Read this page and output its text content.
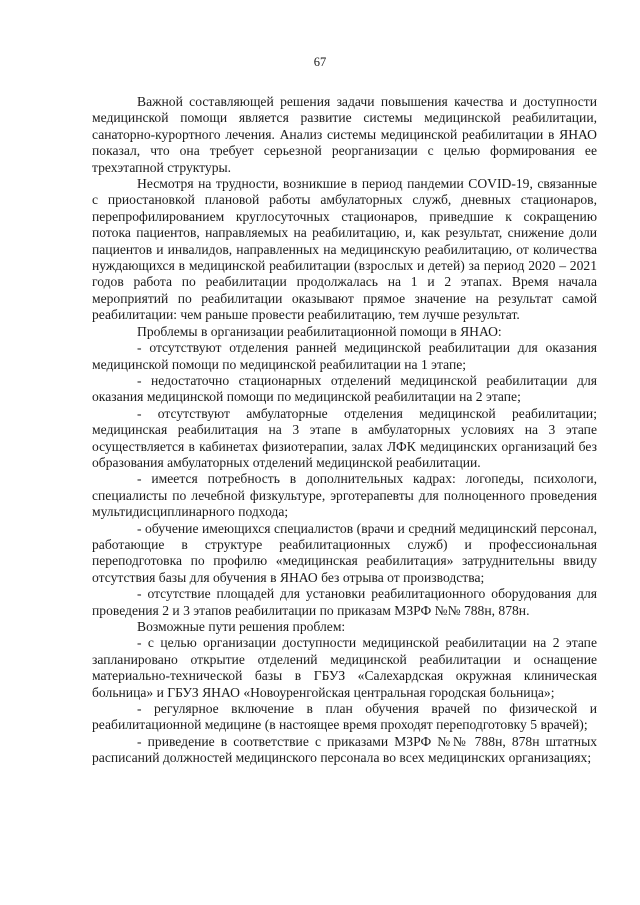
67

Важной составляющей решения задачи повышения качества и доступности медицинской помощи является развитие системы медицинской реабилитации, санаторно-курортного лечения. Анализ системы медицинской реабилитации в ЯНАО показал, что она требует серьезной реорганизации с целью формирования ее трехэтапной структуры.

Несмотря на трудности, возникшие в период пандемии COVID-19, связанные с приостановкой плановой работы амбулаторных служб, дневных стационаров, перепрофилированием круглосуточных стационаров, приведшие к сокращению потока пациентов, направляемых на реабилитацию, и, как результат, снижение доли пациентов и инвалидов, направленных на медицинскую реабилитацию, от количества нуждающихся в медицинской реабилитации (взрослых и детей) за период 2020 – 2021 годов работа по реабилитации продолжалась на 1 и 2 этапах. Время начала мероприятий по реабилитации оказывают прямое значение на результат самой реабилитации: чем раньше провести реабилитацию, тем лучше результат.

Проблемы в организации реабилитационной помощи в ЯНАО:

- отсутствуют отделения ранней медицинской реабилитации для оказания медицинской помощи по медицинской реабилитации на 1 этапе;

- недостаточно стационарных отделений медицинской реабилитации для оказания медицинской помощи по медицинской реабилитации на 2 этапе;

- отсутствуют амбулаторные отделения медицинской реабилитации; медицинская реабилитация на 3 этапе в амбулаторных условиях на 3 этапе осуществляется в кабинетах физиотерапии, залах ЛФК медицинских организаций без образования амбулаторных отделений медицинской реабилитации.

- имеется потребность в дополнительных кадрах: логопеды, психологи, специалисты по лечебной физкультуре, эрготерапевты для полноценного проведения мультидисциплинарного подхода;

- обучение имеющихся специалистов (врачи и средний медицинский персонал, работающие в структуре реабилитационных служб) и профессиональная переподготовка по профилю «медицинская реабилитация» затруднительны ввиду отсутствия базы для обучения в ЯНАО без отрыва от производства;

- отсутствие площадей для установки реабилитационного оборудования для проведения 2 и 3 этапов реабилитации по приказам МЗРФ №№ 788н, 878н.

Возможные пути решения проблем:

- с целью организации доступности медицинской реабилитации на 2 этапе запланировано открытие отделений медицинской реабилитации и оснащение материально-технической базы в ГБУЗ «Салехардская окружная клиническая больница» и ГБУЗ ЯНАО «Новоуренгойская центральная городская больница»;

- регулярное включение в план обучения врачей по физической и реабилитационной медицине (в настоящее время проходят переподготовку 5 врачей);

- приведение в соответствие с приказами МЗРФ №№ 788н, 878н штатных расписаний должностей медицинского персонала во всех медицинских организациях;
